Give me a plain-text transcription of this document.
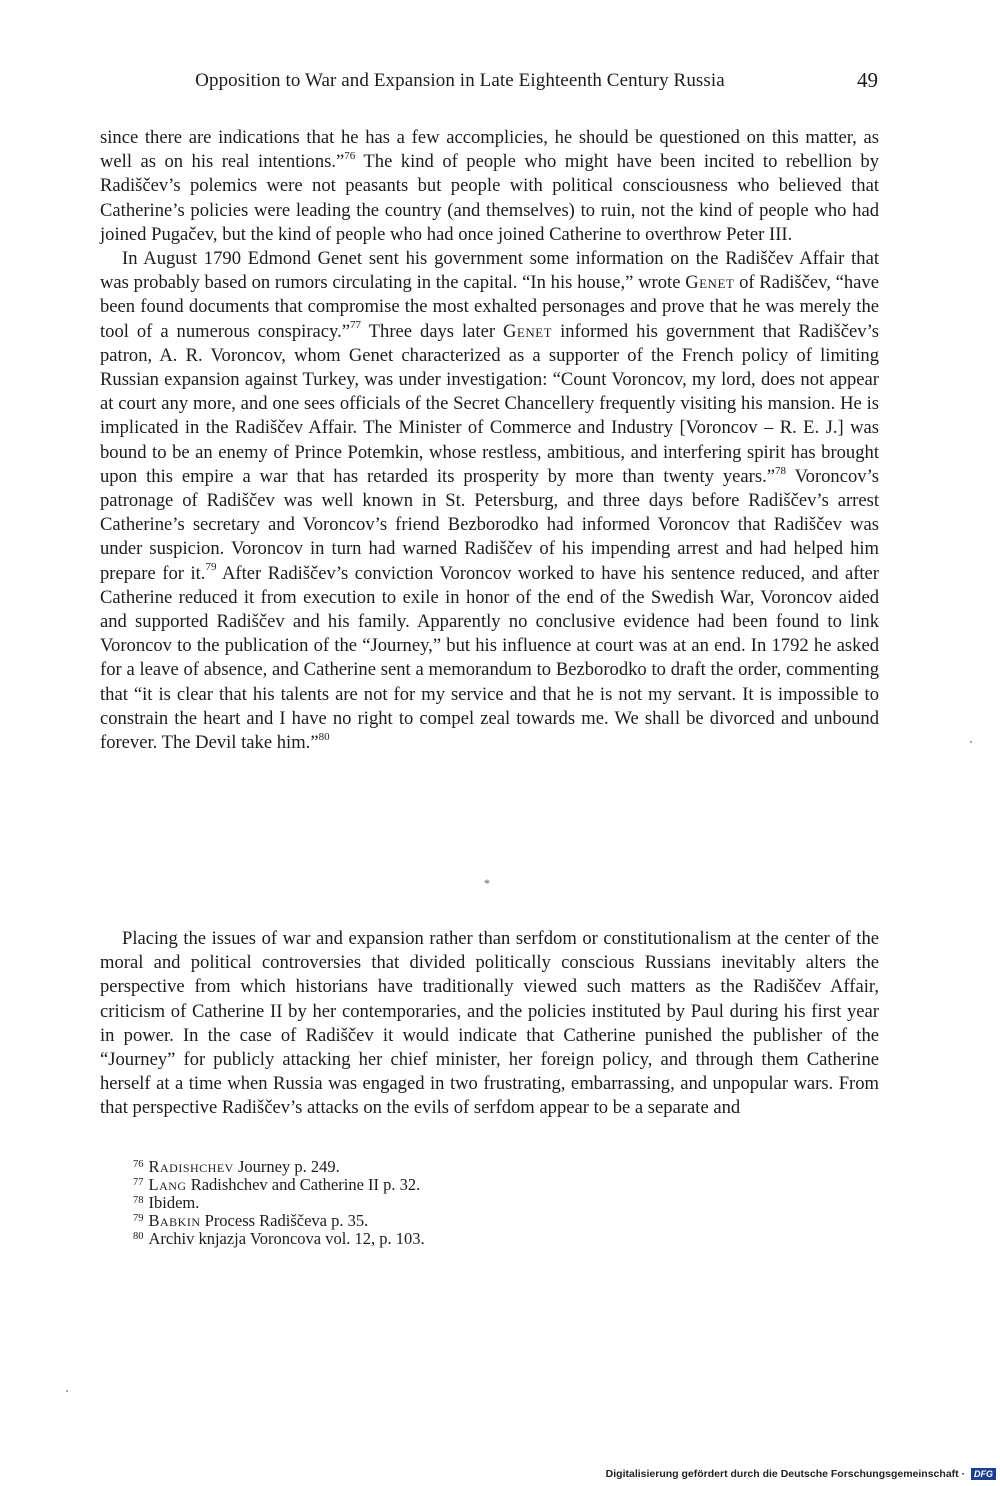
Opposition to War and Expansion in Late Eighteenth Century Russia	49

since there are indications that he has a few accomplicies, he should be questioned on this matter, as well as on his real intentions.”$^{76}$ The kind of people who might have been incited to rebellion by Radiščev’s polemics were not peasants but people with political consciousness who believed that Catherine’s policies were leading the country (and themselves) to ruin, not the kind of people who had joined Pugačev, but the kind of people who had once joined Catherine to overthrow Peter III.

In August 1790 Edmond Genet sent his government some information on the Radiščev Affair that was probably based on rumors circulating in the capital. “In his house,” wrote Genet of Radiščev, “have been found documents that compromise the most exhalted personages and prove that he was merely the tool of a numerous conspiracy.”$^{77}$ Three days later Genet informed his government that Radiščev’s patron, A. R. Voroncov, whom Genet characterized as a supporter of the French policy of limiting Russian expansion against Turkey, was under investigation: “Count Voroncov, my lord, does not appear at court any more, and one sees officials of the Secret Chancellery frequently visiting his mansion. He is implicated in the Radiščev Affair. The Minister of Commerce and Industry [Voroncov – R. E. J.] was bound to be an enemy of Prince Potemkin, whose restless, ambitious, and interfering spirit has brought upon this empire a war that has retarded its prosperity by more than twenty years.”$^{78}$ Voroncov’s patronage of Radiščev was well known in St. Petersburg, and three days before Radiščev’s arrest Catherine’s secretary and Voroncov’s friend Bezborodko had informed Voroncov that Radiščev was under suspicion. Voroncov in turn had warned Radiščev of his impending arrest and had helped him prepare for it.$^{79}$ After Radiščev’s conviction Voroncov worked to have his sentence reduced, and after Catherine reduced it from execution to exile in honor of the end of the Swedish War, Voroncov aided and supported Radiščev and his family. Apparently no conclusive evidence had been found to link Voroncov to the publication of the “Journey,” but his influence at court was at an end. In 1792 he asked for a leave of absence, and Catherine sent a memorandum to Bezborodko to draft the order, commenting that “it is clear that his talents are not for my service and that he is not my servant. It is impossible to constrain the heart and I have no right to compel zeal towards me. We shall be divorced and unbound forever. The Devil take him.”$^{80}$

*

Placing the issues of war and expansion rather than serfdom or constitutionalism at the center of the moral and political controversies that divided politically conscious Russians inevitably alters the perspective from which historians have traditionally viewed such matters as the Radiščev Affair, criticism of Catherine II by her contemporaries, and the policies instituted by Paul during his first year in power. In the case of Radiščev it would indicate that Catherine punished the publisher of the “Journey” for publicly attacking her chief minister, her foreign policy, and through them Catherine herself at a time when Russia was engaged in two frustrating, embarrassing, and unpopular wars. From that perspective Radiščev’s attacks on the evils of serfdom appear to be a separate and

$^{76}$ Radishchev Journey p. 249.
$^{77}$ Lang Radishchev and Catherine II p. 32.
$^{78}$ Ibidem.
$^{79}$ Babkin Process Radiščeva p. 35.
$^{80}$ Archiv knjazja Voroncova vol. 12, p. 103.
Digitalisierung gefördert durch die Deutsche Forschungsgemeinschaft · DFG
